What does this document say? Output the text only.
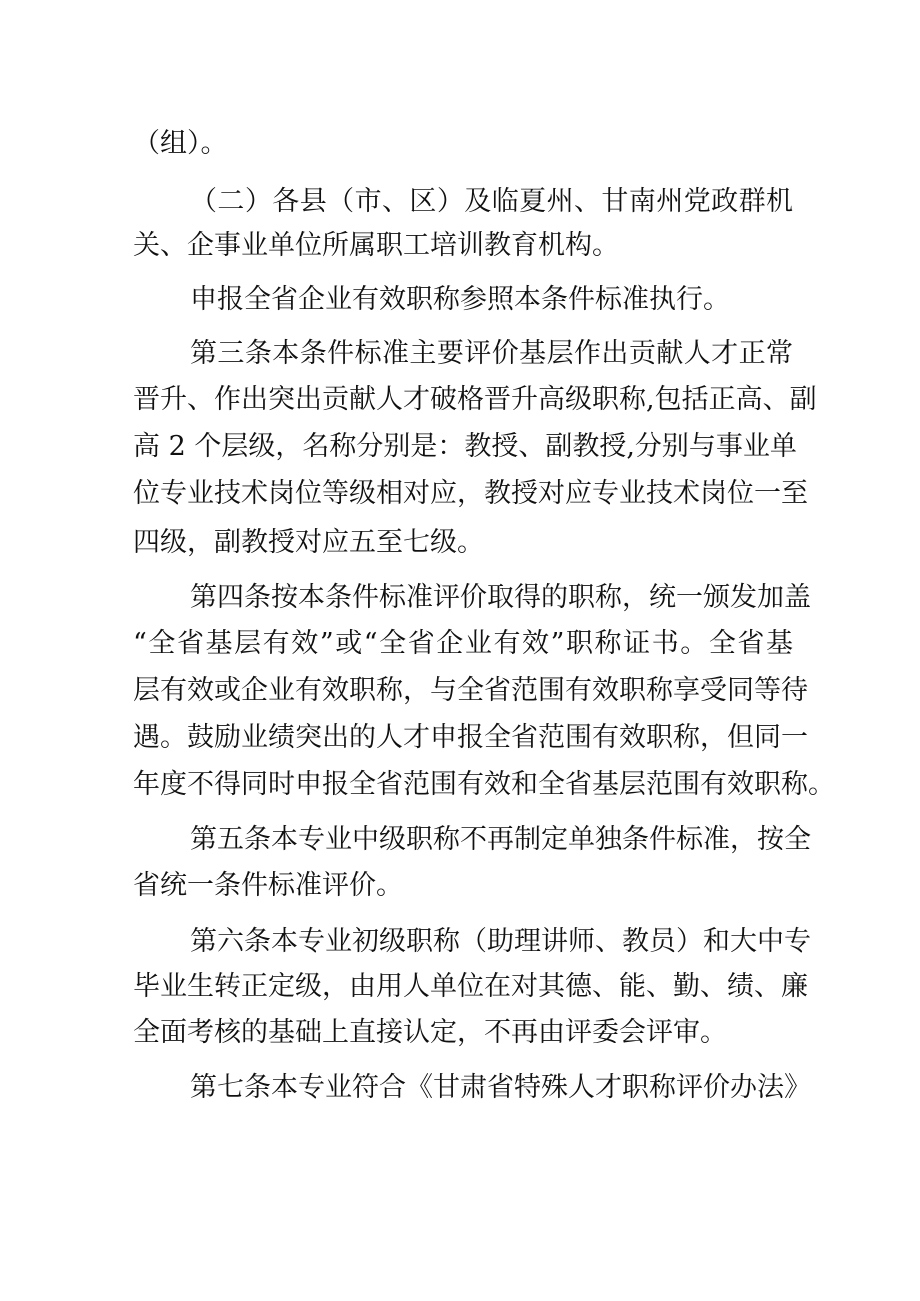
（组）。
（二）各县（市、区）及临夏州、甘南州党政群机
关、企事业单位所属职工培训教育机构。
申报全省企业有效职称参照本条件标准执行。
第三条本条件标准主要评价基层作出贡献人才正常
晋升、作出突出贡献人才破格晋升高级职称,包括正高、副
高 2 个层级，名称分别是：教授、副教授,分别与事业单
位专业技术岗位等级相对应，教授对应专业技术岗位一至
四级，副教授对应五至七级。
第四条按本条件标准评价取得的职称，统一颁发加盖
“全省基层有效”或“全省企业有效”职称证书。全省基
层有效或企业有效职称，与全省范围有效职称享受同等待
遇。鼓励业绩突出的人才申报全省范围有效职称，但同一
年度不得同时申报全省范围有效和全省基层范围有效职称。
第五条本专业中级职称不再制定单独条件标准，按全
省统一条件标准评价。
第六条本专业初级职称（助理讲师、教员）和大中专
毕业生转正定级，由用人单位在对其德、能、勤、绩、廉
全面考核的基础上直接认定，不再由评委会评审。
第七条本专业符合《甘肃省特殊人才职称评价办法》
